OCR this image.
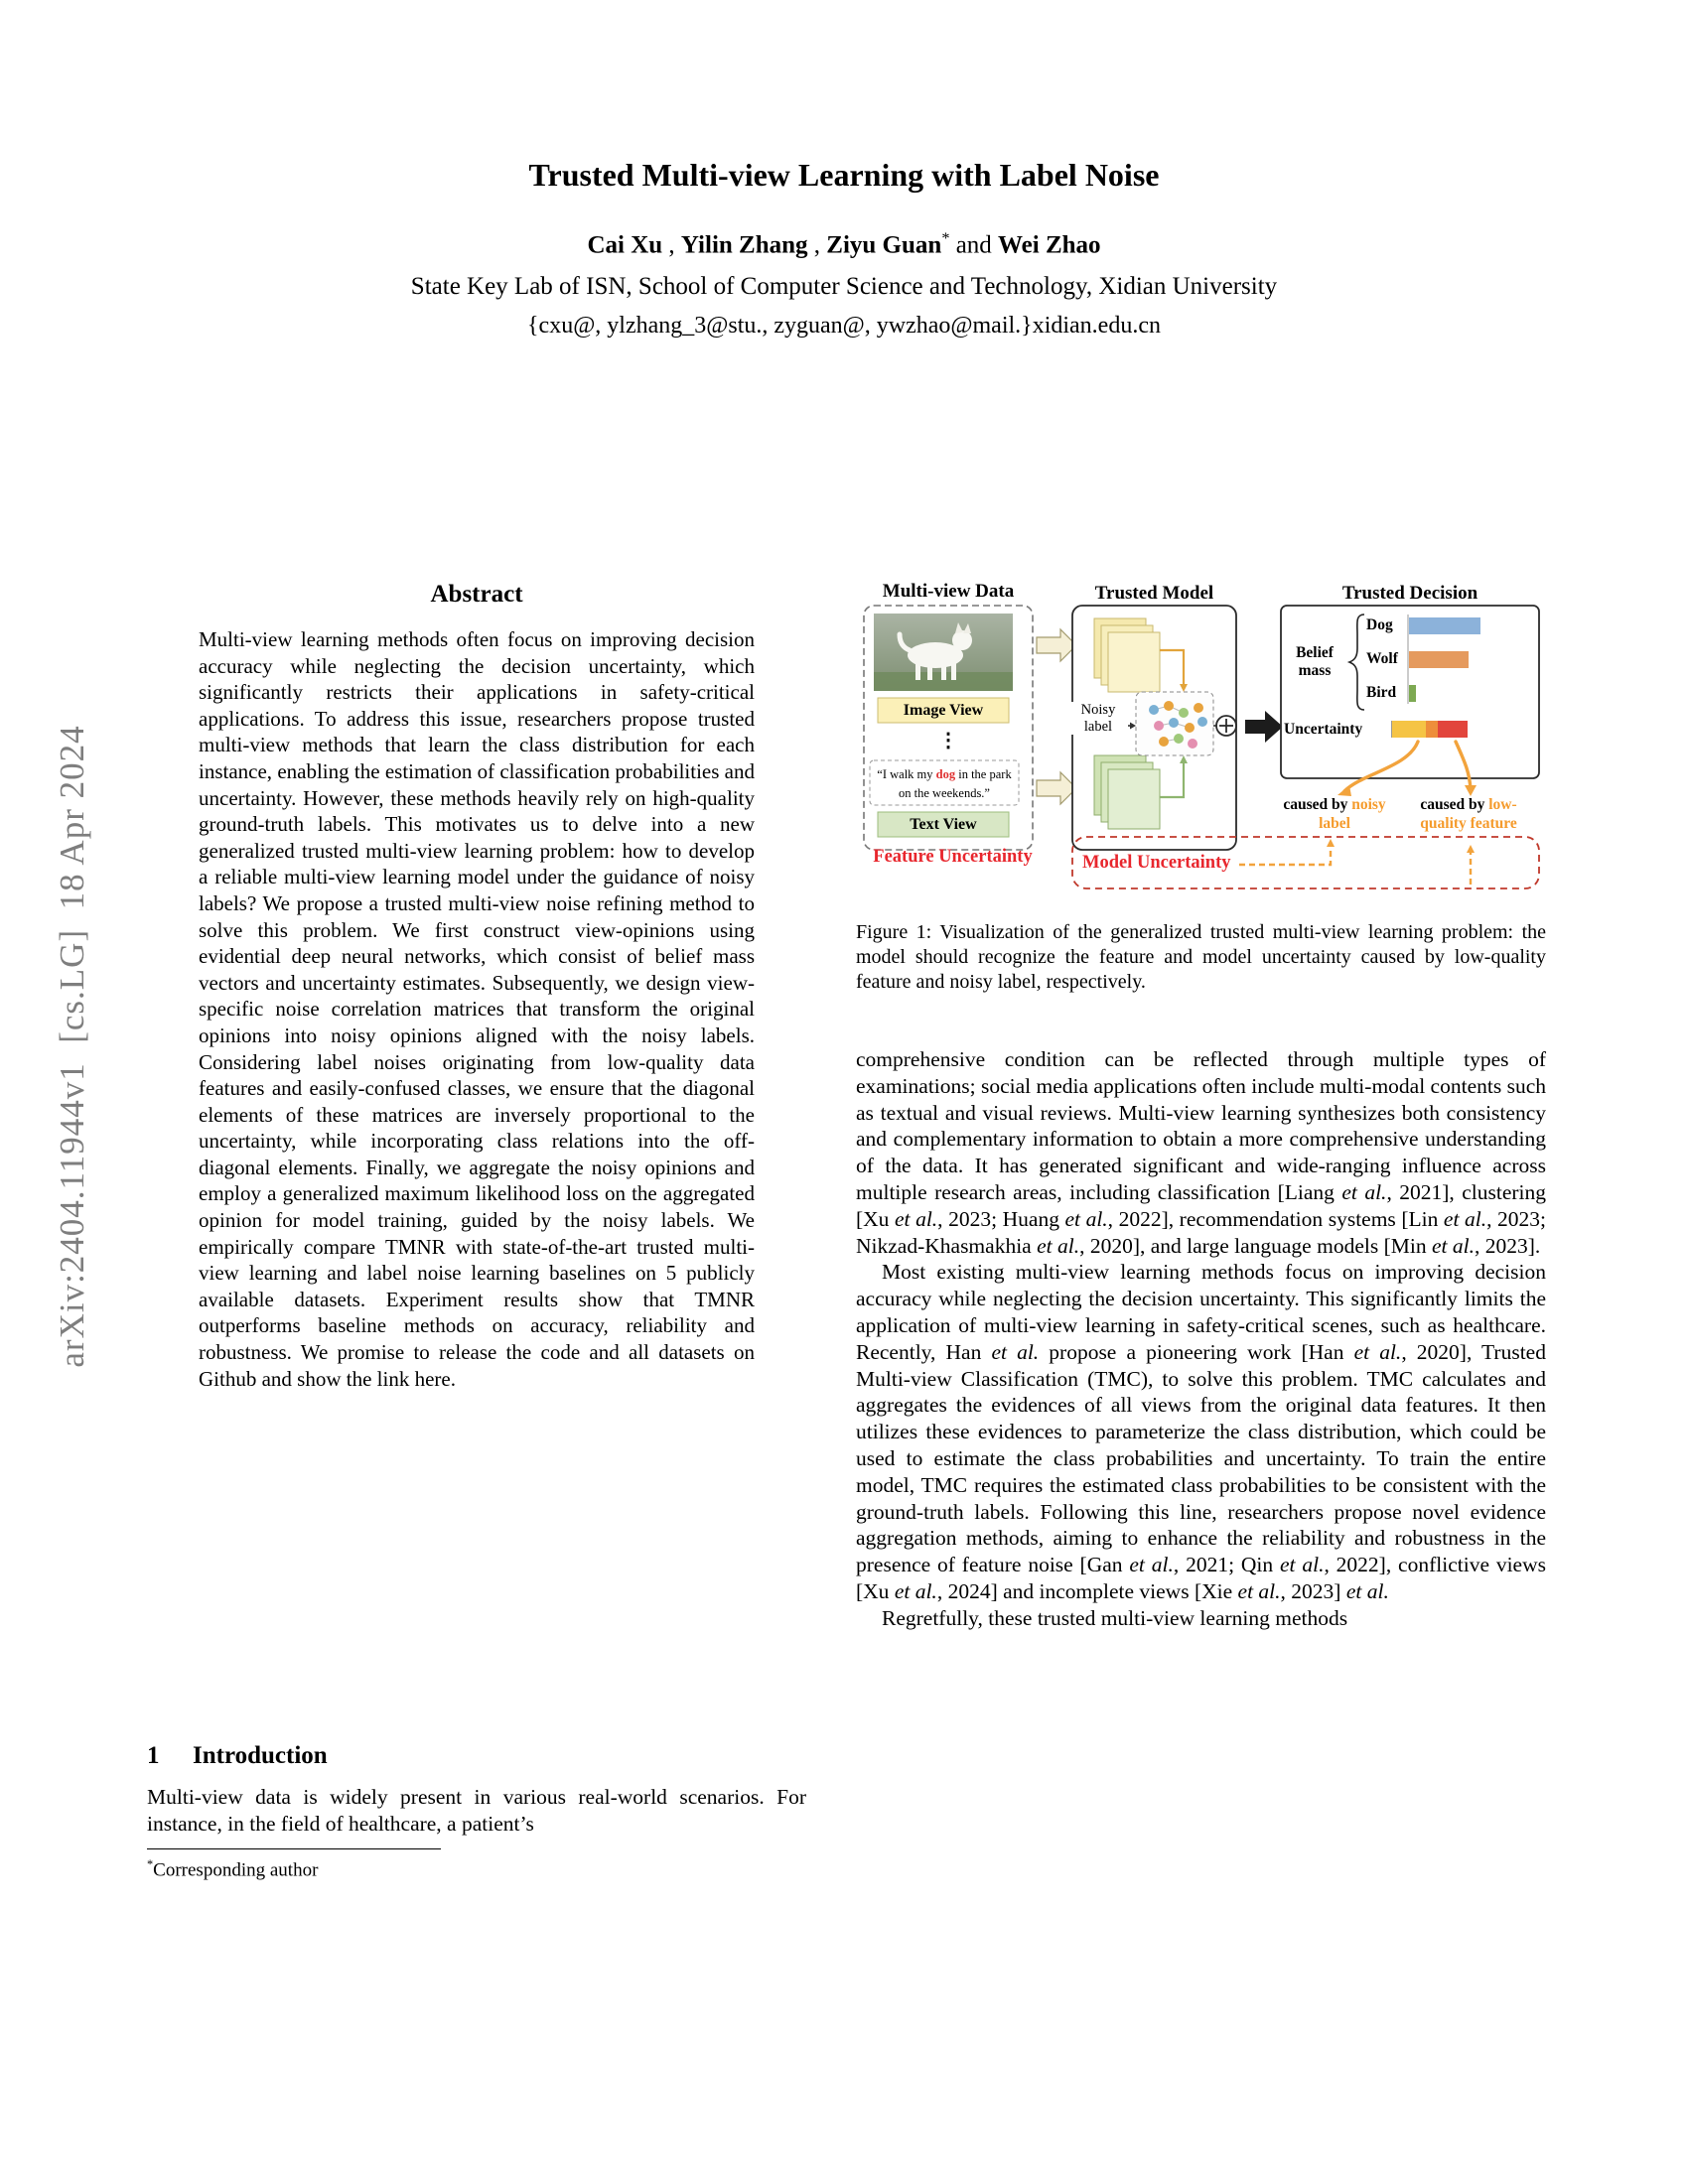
arXiv:2404.11944v1  [cs.LG]  18 Apr 2024
Trusted Multi-view Learning with Label Noise
Cai Xu , Yilin Zhang , Ziyu Guan* and Wei Zhao
State Key Lab of ISN, School of Computer Science and Technology, Xidian University
{cxu@, ylzhang_3@stu., zyguan@, ywzhao@mail.}xidian.edu.cn
Abstract

Multi-view learning methods often focus on improving decision accuracy while neglecting the decision uncertainty, which significantly restricts their applications in safety-critical applications. To address this issue, researchers propose trusted multi-view methods that learn the class distribution for each instance, enabling the estimation of classification probabilities and uncertainty. However, these methods heavily rely on high-quality ground-truth labels. This motivates us to delve into a new generalized trusted multi-view learning problem: how to develop a reliable multi-view learning model under the guidance of noisy labels? We propose a trusted multi-view noise refining method to solve this problem. We first construct view-opinions using evidential deep neural networks, which consist of belief mass vectors and uncertainty estimates. Subsequently, we design view-specific noise correlation matrices that transform the original opinions into noisy opinions aligned with the noisy labels. Considering label noises originating from low-quality data features and easily-confused classes, we ensure that the diagonal elements of these matrices are inversely proportional to the uncertainty, while incorporating class relations into the off-diagonal elements. Finally, we aggregate the noisy opinions and employ a generalized maximum likelihood loss on the aggregated opinion for model training, guided by the noisy labels. We empirically compare TMNR with state-of-the-art trusted multi-view learning and label noise learning baselines on 5 publicly available datasets. Experiment results show that TMNR outperforms baseline methods on accuracy, reliability and robustness. We promise to release the code and all datasets on Github and show the link here.

1 Introduction

Multi-view data is widely present in various real-world scenarios. For instance, in the field of healthcare, a patient’s

*Corresponding author
Multi-view Data	Trusted Model	Trusted Decision
Image View
⋮
“I walk my dog in the park on the weekends.”
Text View
Noisy label
Belief mass
Dog
Wolf
Bird
Uncertainty
caused by noisy label
caused by low-quality feature
Feature Uncertainty	Model Uncertainty
Figure 1: Visualization of the generalized trusted multi-view learning problem: the model should recognize the feature and model uncertainty caused by low-quality feature and noisy label, respectively.

comprehensive condition can be reflected through multiple types of examinations; social media applications often include multi-modal contents such as textual and visual reviews. Multi-view learning synthesizes both consistency and complementary information to obtain a more comprehensive understanding of the data. It has generated significant and wide-ranging influence across multiple research areas, including classification [Liang et al., 2021], clustering [Xu et al., 2023; Huang et al., 2022], recommendation systems [Lin et al., 2023; Nikzad-Khasmakhia et al., 2020], and large language models [Min et al., 2023].

Most existing multi-view learning methods focus on improving decision accuracy while neglecting the decision uncertainty. This significantly limits the application of multi-view learning in safety-critical scenes, such as healthcare. Recently, Han et al. propose a pioneering work [Han et al., 2020], Trusted Multi-view Classification (TMC), to solve this problem. TMC calculates and aggregates the evidences of all views from the original data features. It then utilizes these evidences to parameterize the class distribution, which could be used to estimate the class probabilities and uncertainty. To train the entire model, TMC requires the estimated class probabilities to be consistent with the ground-truth labels. Following this line, researchers propose novel evidence aggregation methods, aiming to enhance the reliability and robustness in the presence of feature noise [Gan et al., 2021; Qin et al., 2022], conflictive views [Xu et al., 2024] and incomplete views [Xie et al., 2023] et al.

Regretfully, these trusted multi-view learning methods
